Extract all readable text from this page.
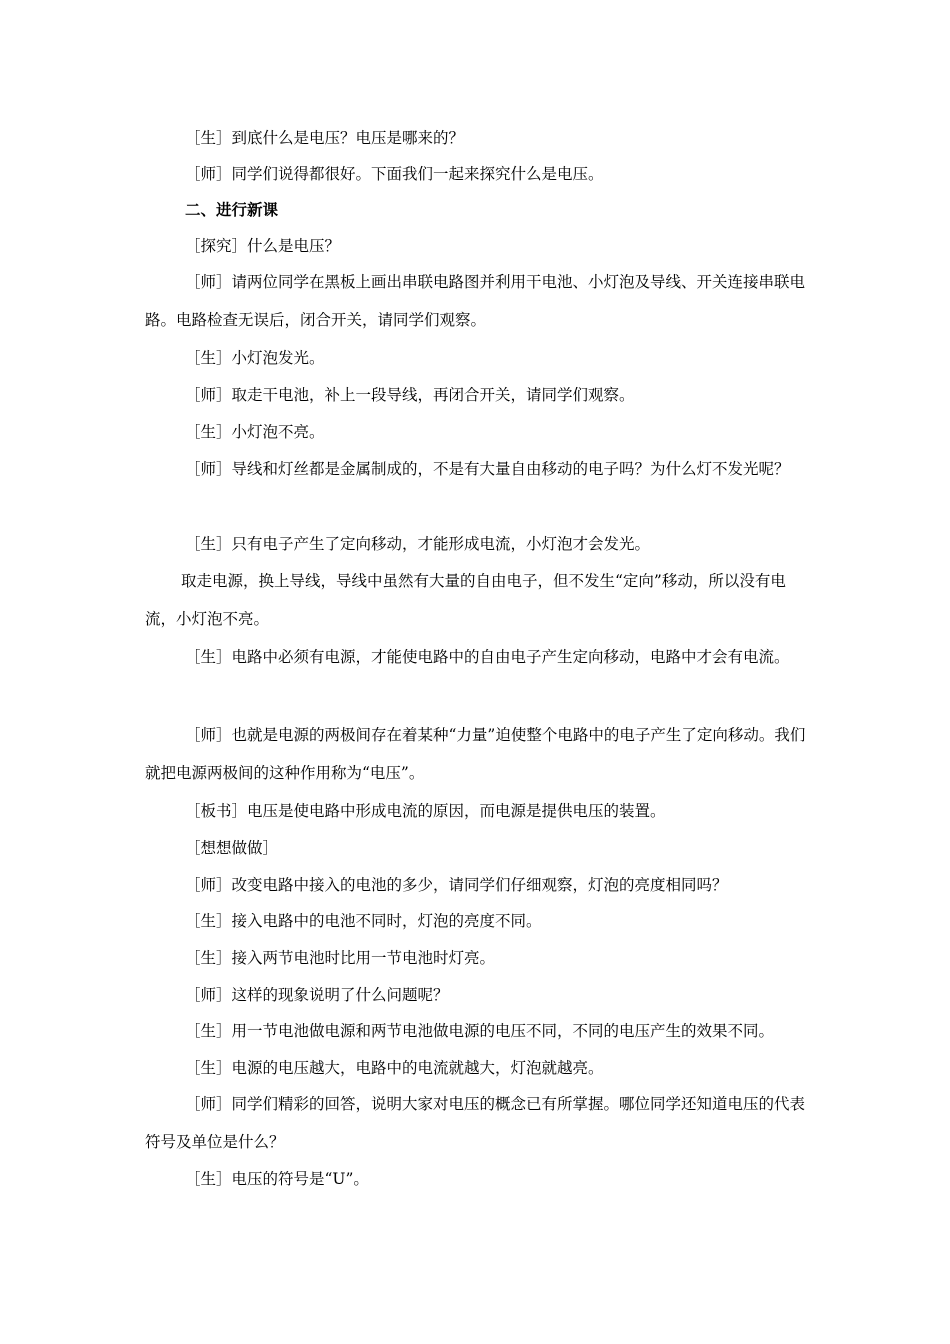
［生］到底什么是电压？电压是哪来的？

［师］同学们说得都很好。下面我们一起来探究什么是电压。

二、进行新课

［探究］什么是电压？

［师］请两位同学在黑板上画出串联电路图并利用干电池、小灯泡及导线、开关连接串联电路。电路检查无误后，闭合开关，请同学们观察。

［生］小灯泡发光。

［师］取走干电池，补上一段导线，再闭合开关，请同学们观察。

［生］小灯泡不亮。

［师］导线和灯丝都是金属制成的，不是有大量自由移动的电子吗？为什么灯不发光呢？

［生］只有电子产生了定向移动，才能形成电流，小灯泡才会发光。

取走电源，换上导线，导线中虽然有大量的自由电子，但不发生“定向”移动，所以没有电流，小灯泡不亮。

［生］电路中必须有电源，才能使电路中的自由电子产生定向移动，电路中才会有电流。

［师］也就是电源的两极间存在着某种“力量”迫使整个电路中的电子产生了定向移动。我们就把电源两极间的这种作用称为“电压”。

［板书］电压是使电路中形成电流的原因，而电源是提供电压的装置。

［想想做做］

［师］改变电路中接入的电池的多少，请同学们仔细观察，灯泡的亮度相同吗？

［生］接入电路中的电池不同时，灯泡的亮度不同。

［生］接入两节电池时比用一节电池时灯亮。

［师］这样的现象说明了什么问题呢？

［生］用一节电池做电源和两节电池做电源的电压不同，不同的电压产生的效果不同。

［生］电源的电压越大，电路中的电流就越大，灯泡就越亮。

［师］同学们精彩的回答，说明大家对电压的概念已有所掌握。哪位同学还知道电压的代表符号及单位是什么？

［生］电压的符号是“U”。
